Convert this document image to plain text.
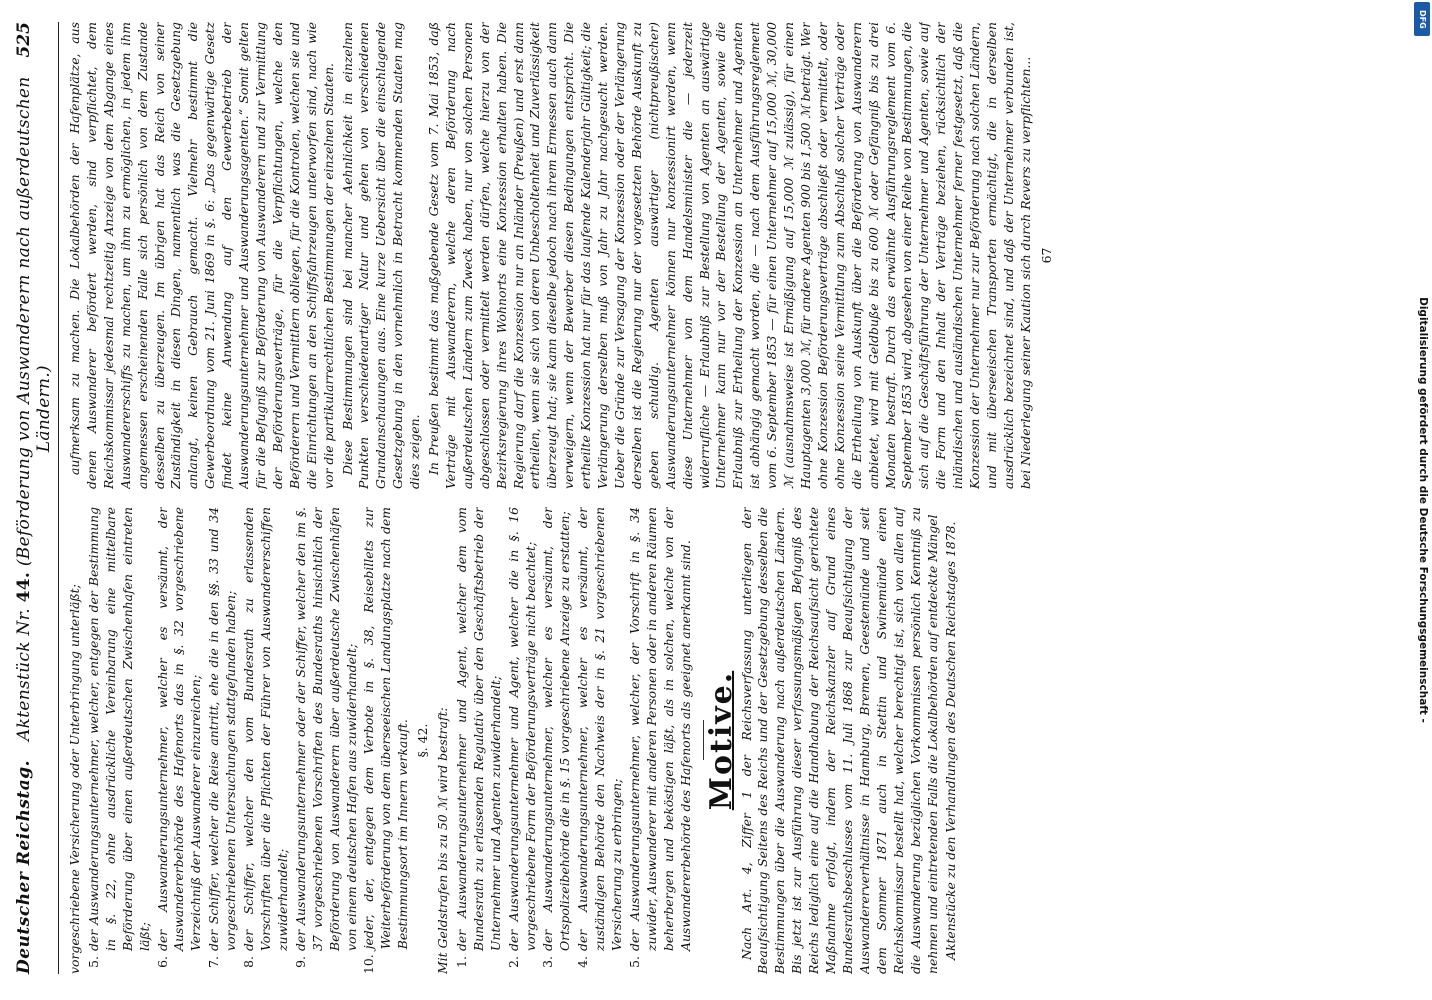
Deutscher Reichstag.
Aktenstück Nr. 44. (Beförderung von Auswanderern nach außerdeutschen Ländern.)
525

vorgeschriebene Versicherung oder Unterbringung unterläßt; 5.
der Auswanderungsunternehmer, welcher, entgegen der Bestimmung in §. 22, ohne ausdrückliche Vereinbarung eine mittelbare Beförderung über einen außerdeutschen Zwischenhafen eintreten läßt;
6.
der Auswanderungsunternehmer, welcher es versäumt, der Auswandererbehörde des Hafenorts das in §. 32 vorgeschriebene Verzeichniß der Auswanderer einzureichen;
7.
der Schiffer, welcher die Reise antritt, ehe die in den §§. 33 und 34 vorgeschriebenen Untersuchungen stattgefunden haben;
8.
der Schiffer, welcher den vom Bundesrath zu erlassenden Vorschriften über die Pflichten der Führer von Auswandererschiffen zuwiderhandelt;
9.
der Auswanderungsunternehmer oder der Schiffer, welcher den im §. 37 vorgeschriebenen Vorschriften des Bundesraths hinsichtlich der Beförderung von Auswanderern über außerdeutsche Zwischenhäfen von einem deutschen Hafen aus zuwiderhandelt;
10.
jeder, der, entgegen dem Verbote in §. 38, Reisebillets zur Weiterbeförderung von dem überseeischen Landungsplatze nach dem Bestimmungsort im Innern verkauft. §. 42. Mit Geldstrafen bis zu 50 ℳ wird bestraft: 1.
der Auswanderungsunternehmer und Agent, welcher dem vom Bundesrath zu erlassenden Regulativ über den Geschäftsbetrieb der Unternehmer und Agenten zuwiderhandelt;
2.
der Auswanderungsunternehmer und Agent, welcher die in §. 16 vorgeschriebene Form der Beförderungsverträge nicht beachtet;
3.
der Auswanderungsunternehmer, welcher es versäumt, der Ortspolizeibehörde die in §. 15 vorgeschriebene Anzeige zu erstatten;
4.
der Auswanderungsunternehmer, welcher es versäumt, der zuständigen Behörde den Nachweis der in §. 21 vorgeschriebenen Versicherung zu erbringen;
5.
der Auswanderungsunternehmer, welcher, der Vorschrift in §. 34 zuwider, Auswanderer mit anderen Personen oder in anderen Räumen beherbergen und beköstigen läßt, als in solchen, welche von der Auswandererbehörde des Hafenorts als geeignet anerkannt sind. Motive. Nach Art. 4, Ziffer 1 der Reichsverfassung unterliegen der Beaufsichtigung Seitens des Reichs und der Gesetzgebung desselben die Bestimmungen über die Auswanderung nach außerdeutschen Ländern. Bis jetzt ist zur Ausführung dieser verfassungsmäßigen Befugniß des Reichs lediglich eine auf die Handhabung der Reichsaufsicht gerichtete Maßnahme erfolgt, indem der Reichskanzler auf Grund eines Bundesrathsbeschlusses vom 11. Juli 1868 zur Beaufsichtigung der Auswandererverhältnisse in Hamburg, Bremen, Geestemünde und seit dem Sommer 1871 auch in Stettin und Swinemünde einen Reichskommissar bestellt hat, welcher berechtigt ist, sich von allen auf die Auswanderung bezüglichen Vorkommnissen persönlich Kenntniß zu nehmen und eintretenden Falls die Lokalbehörden auf entdeckte Mängel Aktenstücke zu den Verhandlungen des Deutschen Reichstages 1878.

aufmerksam zu machen. Die Lokalbehörden der Hafenplätze, aus denen Auswanderer befördert werden, sind verpflichtet, dem Reichskommissar jedesmal rechtzeitig Anzeige von dem Abgange eines Auswandererschiffs zu machen, um ihm zu ermöglichen, in jedem ihm angemessen erscheinenden Falle sich persönlich von dem Zustande desselben zu überzeugen. Im übrigen hat das Reich von seiner Zuständigkeit in diesen Dingen, namentlich was die Gesetzgebung anlangt, keinen Gebrauch gemacht. Vielmehr bestimmt die Gewerbeordnung vom 21. Juni 1869 in §. 6: „Das gegenwärtige Gesetz findet keine Anwendung auf den Gewerbebetrieb der Auswanderungsunternehmer und Auswanderungsagenten.“ Somit gelten für die Befugniß zur Beförderung von Auswanderern und zur Vermittlung der Beförderungsverträge, für die Verpflichtungen, welche den Beförderern und Vermittlern obliegen, für die Kontrolen, welchen sie und die Einrichtungen an den Schiffsfahrzeugen unterworfen sind, nach wie vor die partikularrechtlichen Bestimmungen der einzelnen Staaten. Diese Bestimmungen sind bei mancher Aehnlichkeit in einzelnen Punkten verschiedenartiger Natur und gehen von verschiedenen Grundanschauungen aus. Eine kurze Uebersicht über die einschlagende Gesetzgebung in den vornehmlich in Betracht kommenden Staaten mag dies zeigen. In Preußen bestimmt das maßgebende Gesetz vom 7. Mai 1853, daß Verträge mit Auswanderern, welche deren Beförderung nach außerdeutschen Ländern zum Zweck haben, nur von solchen Personen abgeschlossen oder vermittelt werden dürfen, welche hierzu von der Bezirksregierung ihres Wohnorts eine Konzession erhalten haben. Die Regierung darf die Konzession nur an Inländer (Preußen) und erst dann ertheilen, wenn sie sich von deren Unbescholtenheit und Zuverlässigkeit überzeugt hat; sie kann dieselbe jedoch nach ihrem Ermessen auch dann verweigern, wenn der Bewerber diesen Bedingungen entspricht. Die ertheilte Konzession hat nur für das laufende Kalenderjahr Gültigkeit; die Verlängerung derselben muß von Jahr zu Jahr nachgesucht werden. Ueber die Gründe zur Versagung der Konzession oder der Verlängerung derselben ist die Regierung nur der vorgesetzten Behörde Auskunft zu geben schuldig. Agenten auswärtiger (nichtpreußischer) Auswanderungsunternehmer können nur konzessionirt werden, wenn diese Unternehmer von dem Handelsminister die — jederzeit widerrufliche — Erlaubniß zur Bestellung von Agenten an auswärtige Unternehmer kann nur vor der Bestellung der Agenten, sowie die Erlaubniß zur Ertheilung der Konzession an Unternehmer und Agenten ist abhängig gemacht worden, die — nach dem Ausführungsreglement vom 6. September 1853 — für einen Unternehmer auf 15,000 ℳ, 30,000 ℳ (ausnahmsweise ist Ermäßigung auf 15,000 ℳ zulässig), für einen Hauptagenten 3,000 ℳ, für andere Agenten 900 bis 1,500 ℳ beträgt. Wer ohne Konzession Beförderungsverträge abschließt oder vermittelt, oder ohne Konzession seine Vermittlung zum Abschluß solcher Verträge oder die Ertheilung von Auskunft über die Beförderung von Auswanderern anbietet, wird mit Geldbuße bis zu 600 ℳ oder Gefängniß bis zu drei Monaten bestraft. Durch das erwähnte Ausführungsreglement vom 6. September 1853 wird, abgesehen von einer Reihe von Bestimmungen, die sich auf die Geschäftsführung der Unternehmer und Agenten, sowie auf die Form und den Inhalt der Verträge beziehen, rücksichtlich der inländischen und ausländischen Unternehmer ferner festgesetzt, daß die Konzession der Unternehmer nur zur Beförderung nach solchen Ländern, und mit überseeischen Transporten ermächtigt, die in derselben ausdrücklich bezeichnet sind, und daß der Unternehmer verbunden ist, bei Niederlegung seiner Kaution sich durch Revers zu verpflichten... 67
Digitalisierung gefördert durch die Deutsche Forschungsgemeinschaft -
DFG
